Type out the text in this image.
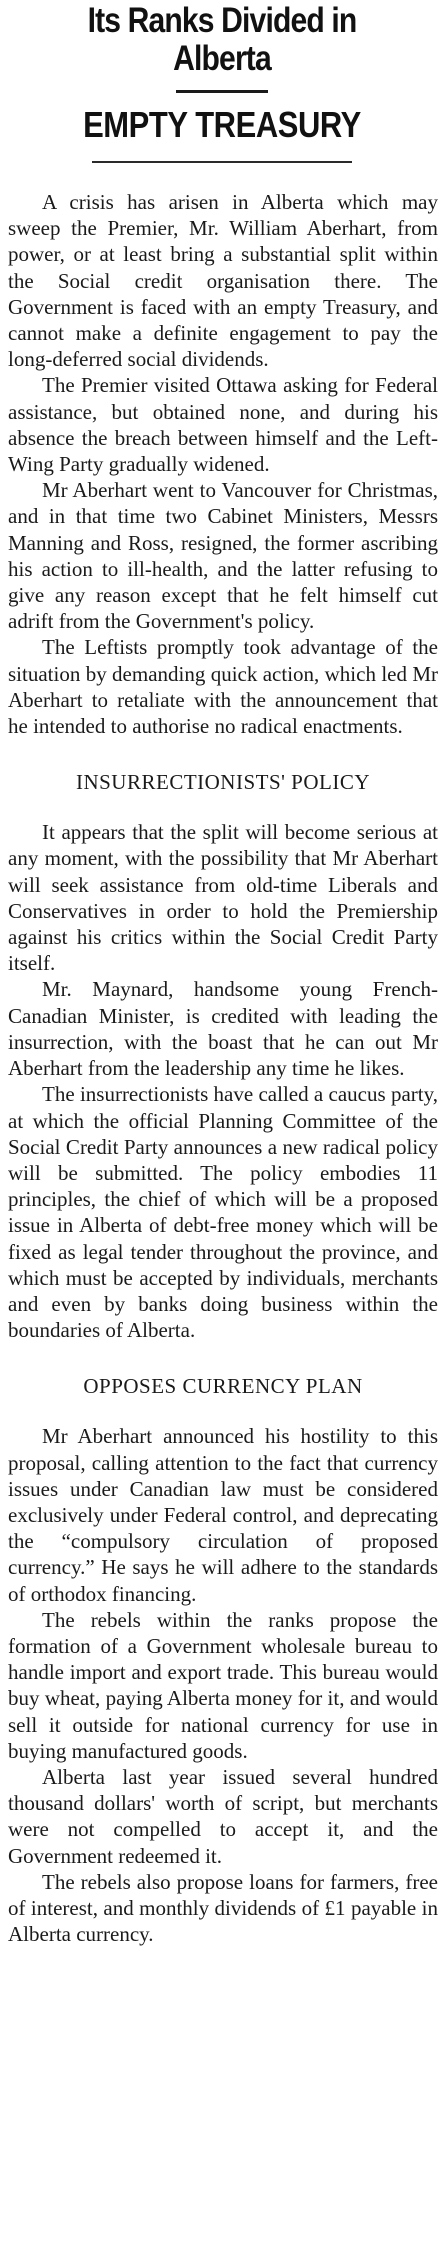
Its Ranks Divided in
Alberta
EMPTY TREASURY

A crisis has arisen in Alberta which may sweep the Premier, Mr. William Aberhart, from power, or at least bring a substantial split within the Social credit organisation there. The Government is faced with an empty Treasury, and cannot make a definite engagement to pay the long-deferred social dividends.

The Premier visited Ottawa asking for Federal assistance, but obtained none, and during his absence the breach between himself and the Left-Wing Party gradually widened.

Mr Aberhart went to Vancouver for Christmas, and in that time two Cabinet Ministers, Messrs Manning and Ross, resigned, the former ascribing his action to ill-health, and the latter refusing to give any reason except that he felt himself cut adrift from the Government's policy.

The Leftists promptly took advantage of the situation by demanding quick action, which led Mr Aberhart to retaliate with the announcement that he intended to authorise no radical enactments.

INSURRECTIONISTS' POLICY

It appears that the split will become serious at any moment, with the possibility that Mr Aberhart will seek assistance from old-time Liberals and Conservatives in order to hold the Premiership against his critics within the Social Credit Party itself.

Mr. Maynard, handsome young French-Canadian Minister, is credited with leading the insurrection, with the boast that he can out Mr Aberhart from the leadership any time he likes.

The insurrectionists have called a caucus party, at which the official Planning Committee of the Social Credit Party announces a new radical policy will be submitted. The policy embodies 11 principles, the chief of which will be a proposed issue in Alberta of debt-free money which will be fixed as legal tender throughout the province, and which must be accepted by individuals, merchants and even by banks doing business within the boundaries of Alberta.

OPPOSES CURRENCY PLAN

Mr Aberhart announced his hostility to this proposal, calling attention to the fact that currency issues under Canadian law must be considered exclusively under Federal control, and deprecating the “compulsory circulation of proposed currency.” He says he will adhere to the standards of orthodox financing.

The rebels within the ranks propose the formation of a Government wholesale bureau to handle import and export trade. This bureau would buy wheat, paying Alberta money for it, and would sell it outside for national currency for use in buying manufactured goods.

Alberta last year issued several hundred thousand dollars' worth of script, but merchants were not compelled to accept it, and the Government redeemed it.

The rebels also propose loans for farmers, free of interest, and monthly dividends of £1 payable in Alberta currency.
